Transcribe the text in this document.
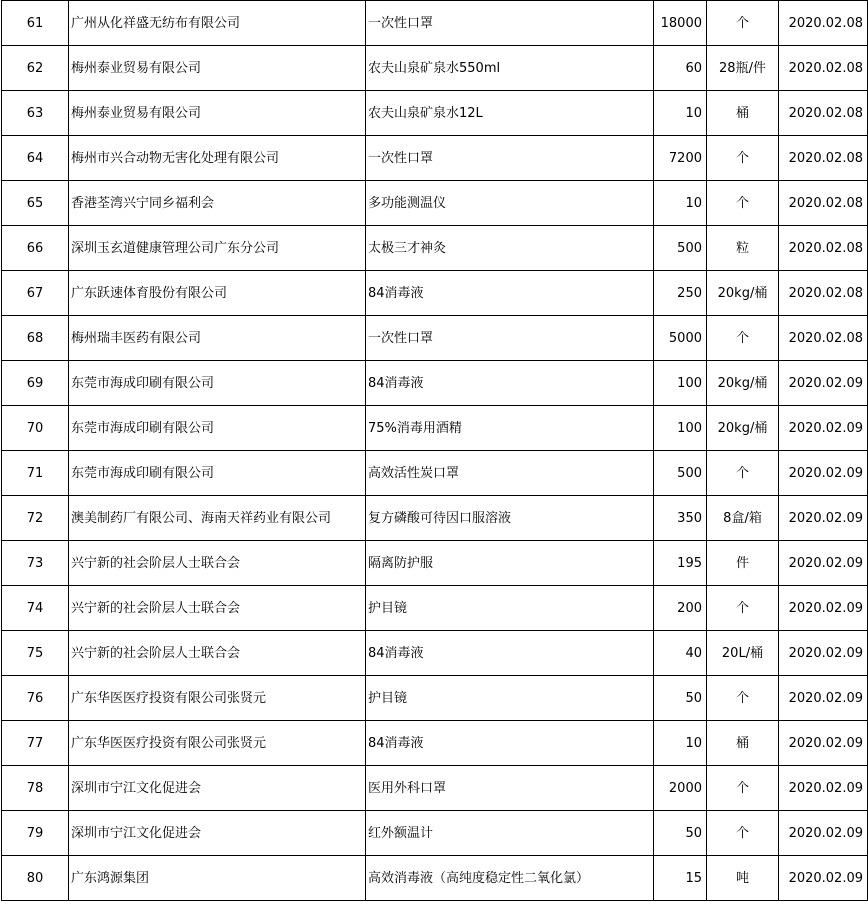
61	广州从化祥盛无纺布有限公司	一次性口罩	18000	个	2020.02.08
62	梅州泰业贸易有限公司	农夫山泉矿泉水550ml	60	28瓶/件	2020.02.08
63	梅州泰业贸易有限公司	农夫山泉矿泉水12L	10	桶	2020.02.08
64	梅州市兴合动物无害化处理有限公司	一次性口罩	7200	个	2020.02.08
65	香港荃湾兴宁同乡福利会	多功能测温仪	10	个	2020.02.08
66	深圳玉玄道健康管理公司广东分公司	太极三才神灸	500	粒	2020.02.08
67	广东跃速体育股份有限公司	84消毒液	250	20kg/桶	2020.02.08
68	梅州瑞丰医药有限公司	一次性口罩	5000	个	2020.02.08
69	东莞市海成印刷有限公司	84消毒液	100	20kg/桶	2020.02.09
70	东莞市海成印刷有限公司	75%消毒用酒精	100	20kg/桶	2020.02.09
71	东莞市海成印刷有限公司	高效活性炭口罩	500	个	2020.02.09
72	澳美制药厂有限公司、海南天祥药业有限公司	复方磷酸可待因口服溶液	350	8盒/箱	2020.02.09
73	兴宁新的社会阶层人士联合会	隔离防护服	195	件	2020.02.09
74	兴宁新的社会阶层人士联合会	护目镜	200	个	2020.02.09
75	兴宁新的社会阶层人士联合会	84消毒液	40	20L/桶	2020.02.09
76	广东华医医疗投资有限公司张贤元	护目镜	50	个	2020.02.09
77	广东华医医疗投资有限公司张贤元	84消毒液	10	桶	2020.02.09
78	深圳市宁江文化促进会	医用外科口罩	2000	个	2020.02.09
79	深圳市宁江文化促进会	红外额温计	50	个	2020.02.09
80	广东鸿源集团	高效消毒液（高纯度稳定性二氧化氯）	15	吨	2020.02.09
